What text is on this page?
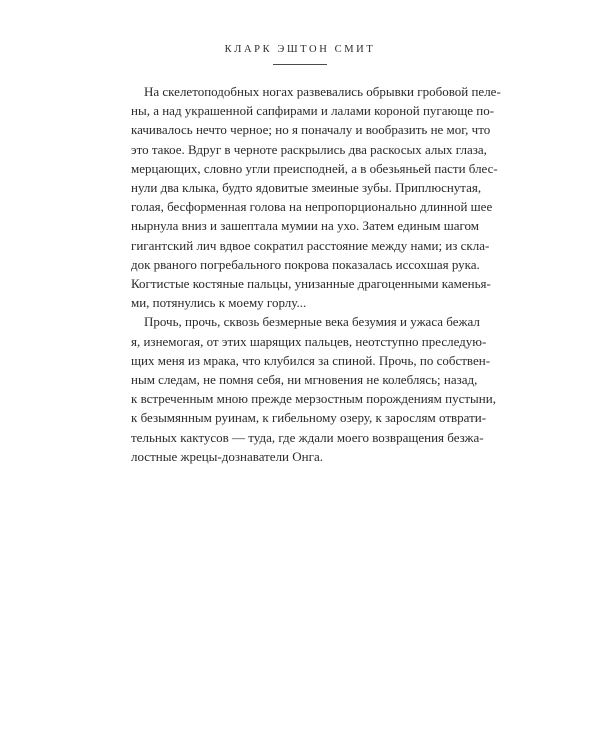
КЛАРК ЭШТОН СМИТ
На скелетоподобных ногах развевались обрывки гробовой пеле-
ны, а над украшенной сапфирами и лалами короной пугающе по-
качивалось нечто черное; но я поначалу и вообразить не мог, что
это такое. Вдруг в черноте раскрылись два раскосых алых глаза,
мерцающих, словно угли преисподней, а в обезьяньей пасти блес-
нули два клыка, будто ядовитые змеиные зубы. Приплюснутая,
голая, бесформенная голова на непропорционально длинной шее
нырнула вниз и зашептала мумии на ухо. Затем единым шагом
гигантский лич вдвое сократил расстояние между нами; из скла-
док рваного погребального покрова показалась иссохшая рука.
Когтистые костяные пальцы, унизанные драгоценными каменья-
ми, потянулись к моему горлу...
Прочь, прочь, сквозь безмерные века безумия и ужаса бежал
я, изнемогая, от этих шарящих пальцев, неотступно преследую-
щих меня из мрака, что клубился за спиной. Прочь, по собствен-
ным следам, не помня себя, ни мгновения не колеблясь; назад,
к встреченным мною прежде мерзостным порождениям пустыни,
к безымянным руинам, к гибельному озеру, к зарослям отврати-
тельных кактусов — туда, где ждали моего возвращения безжа-
лостные жрецы-дознаватели Онга.
